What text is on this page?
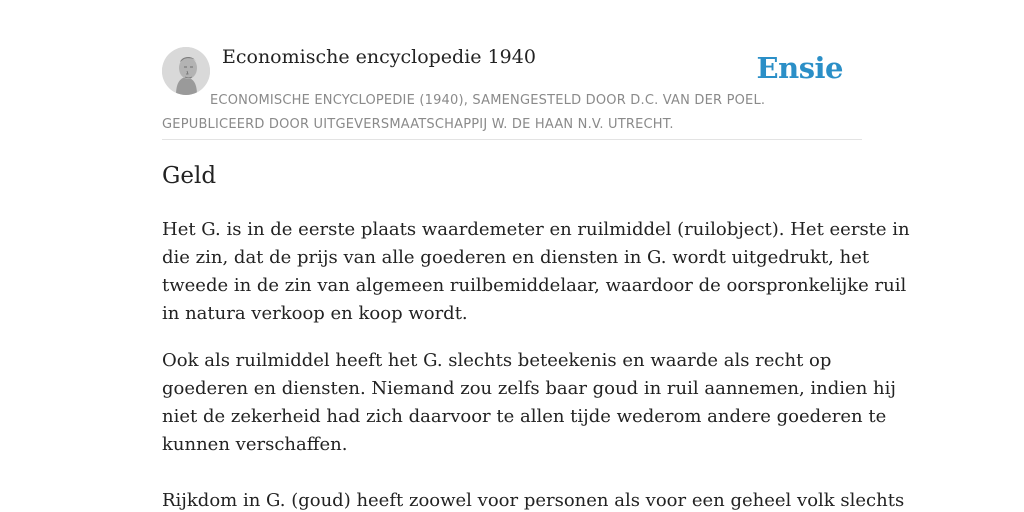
Economische encyclopedie 1940	Ensie
ECONOMISCHE ENCYCLOPEDIE (1940), SAMENGESTELD DOOR D.C. VAN DER POEL.
GEPUBLICEERD DOOR UITGEVERSMAATSCHAPPIJ W. DE HAAN N.V. UTRECHT.
Geld

Het G. is in de eerste plaats waardemeter en ruilmiddel (ruilobject). Het eerste in
die zin, dat de prijs van alle goederen en diensten in G. wordt uitgedrukt, het
tweede in de zin van algemeen ruilbemiddelaar, waardoor de oorspronkelijke ruil
in natura verkoop en koop wordt.

Ook als ruilmiddel heeft het G. slechts beteekenis en waarde als recht op
goederen en diensten. Niemand zou zelfs baar goud in ruil aannemen, indien hij
niet de zekerheid had zich daarvoor te allen tijde wederom andere goederen te
kunnen verschaffen.

Rijkdom in G. (goud) heeft zoowel voor personen als voor een geheel volk slechts
